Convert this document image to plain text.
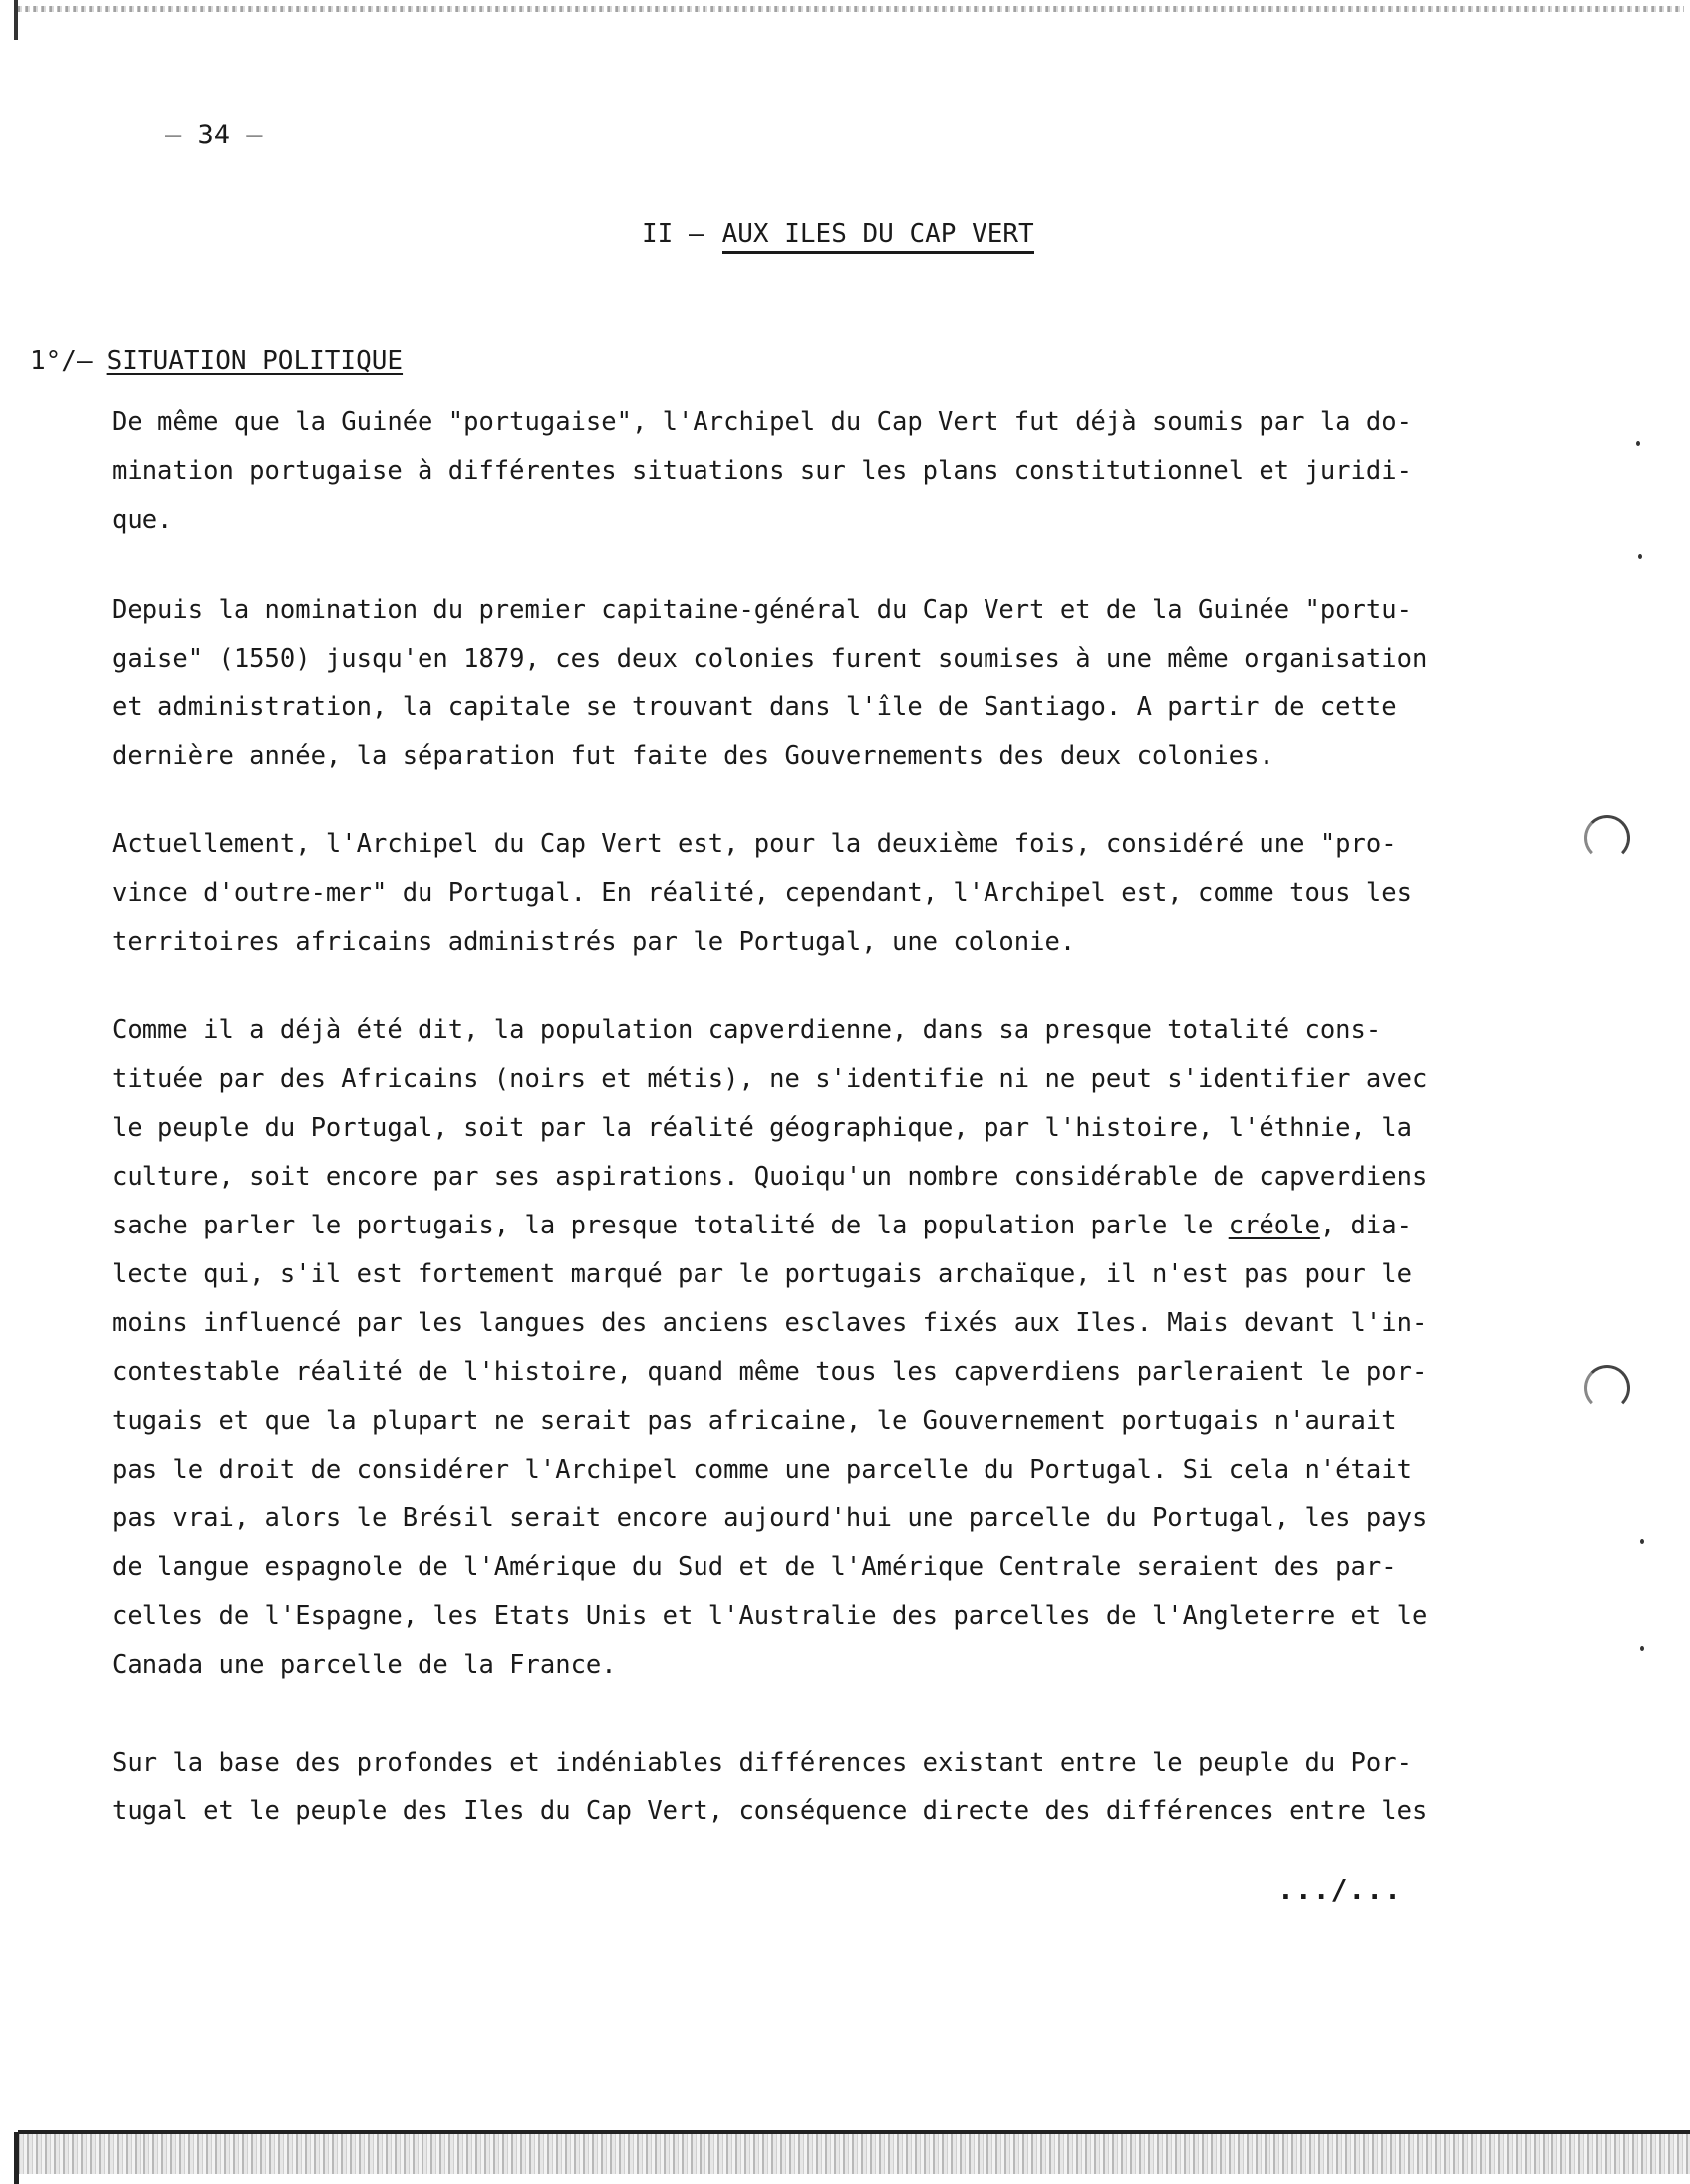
— 34 —
II — AUX ILES DU CAP VERT
1°/— SITUATION POLITIQUE
De même que la Guinée "portugaise", l'Archipel du Cap Vert fut déjà soumis par la do-
mination portugaise à différentes situations sur les plans constitutionnel et juridi-
que.
Depuis la nomination du premier capitaine-général du Cap Vert et de la Guinée "portu-
gaise" (1550) jusqu'en 1879, ces deux colonies furent soumises à une même organisation
et administration, la capitale se trouvant dans l'île de Santiago. A partir de cette
dernière année, la séparation fut faite des Gouvernements des deux colonies.
Actuellement, l'Archipel du Cap Vert est, pour la deuxième fois, considéré une "pro-
vince d'outre-mer" du Portugal. En réalité, cependant, l'Archipel est, comme tous les
territoires africains administrés par le Portugal, une colonie.
Comme il a déjà été dit, la population capverdienne, dans sa presque totalité cons-
tituée par des Africains (noirs et métis), ne s'identifie ni ne peut s'identifier avec
le peuple du Portugal, soit par la réalité géographique, par l'histoire, l'éthnie, la
culture, soit encore par ses aspirations. Quoiqu'un nombre considérable de capverdiens
sache parler le portugais, la presque totalité de la population parle le créole, dia-
lecte qui, s'il est fortement marqué par le portugais archaïque, il n'est pas pour le
moins influencé par les langues des anciens esclaves fixés aux Iles. Mais devant l'in-
contestable réalité de l'histoire, quand même tous les capverdiens parleraient le por-
tugais et que la plupart ne serait pas africaine, le Gouvernement portugais n'aurait
pas le droit de considérer l'Archipel comme une parcelle du Portugal. Si cela n'était
pas vrai, alors le Brésil serait encore aujourd'hui une parcelle du Portugal, les pays
de langue espagnole de l'Amérique du Sud et de l'Amérique Centrale seraient des par-
celles de l'Espagne, les Etats Unis et l'Australie des parcelles de l'Angleterre et le
Canada une parcelle de la France.
Sur la base des profondes et indéniables différences existant entre le peuple du Por-
tugal et le peuple des Iles du Cap Vert, conséquence directe des différences entre les
.../...
